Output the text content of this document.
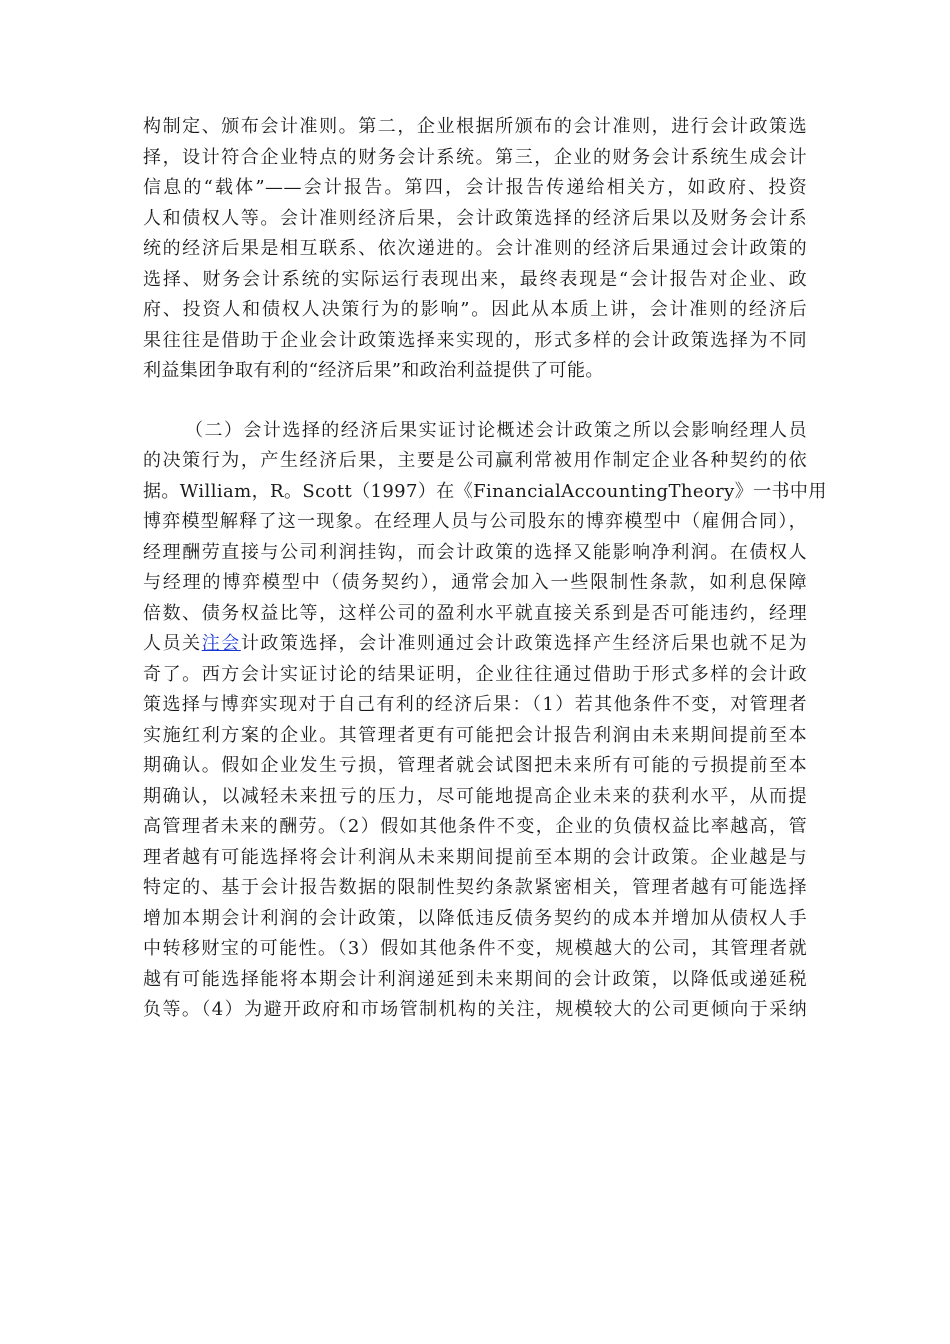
构制定、颁布会计准则。第二，企业根据所颁布的会计准则，进行会计政策选
择，设计符合企业特点的财务会计系统。第三，企业的财务会计系统生成会计
信息的“载体”——会计报告。第四，会计报告传递给相关方，如政府、投资
人和债权人等。会计准则经济后果，会计政策选择的经济后果以及财务会计系
统的经济后果是相互联系、依次递进的。会计准则的经济后果通过会计政策的
选择、财务会计系统的实际运行表现出来，最终表现是“会计报告对企业、政
府、投资人和债权人决策行为的影响”。因此从本质上讲，会计准则的经济后
果往往是借助于企业会计政策选择来实现的，形式多样的会计政策选择为不同
利益集团争取有利的“经济后果”和政治利益提供了可能。
（二）会计选择的经济后果实证讨论概述会计政策之所以会影响经理人员
的决策行为，产生经济后果，主要是公司赢利常被用作制定企业各种契约的依
据。William，R。Scott（1997）在《FinancialAccountingTheory》一书中用
博弈模型解释了这一现象。在经理人员与公司股东的博弈模型中（雇佣合同），
经理酬劳直接与公司利润挂钩，而会计政策的选择又能影响净利润。在债权人
与经理的博弈模型中（债务契约），通常会加入一些限制性条款，如利息保障
倍数、债务权益比等，这样公司的盈利水平就直接关系到是否可能违约，经理
人员关注会计政策选择，会计准则通过会计政策选择产生经济后果也就不足为
奇了。西方会计实证讨论的结果证明，企业往往通过借助于形式多样的会计政
策选择与博弈实现对于自己有利的经济后果：（1）若其他条件不变，对管理者
实施红利方案的企业。其管理者更有可能把会计报告利润由未来期间提前至本
期确认。假如企业发生亏损，管理者就会试图把未来所有可能的亏损提前至本
期确认，以减轻未来扭亏的压力，尽可能地提高企业未来的获利水平，从而提
高管理者未来的酬劳。（2）假如其他条件不变，企业的负债权益比率越高，管
理者越有可能选择将会计利润从未来期间提前至本期的会计政策。企业越是与
特定的、基于会计报告数据的限制性契约条款紧密相关，管理者越有可能选择
增加本期会计利润的会计政策，以降低违反债务契约的成本并增加从债权人手
中转移财宝的可能性。（3）假如其他条件不变，规模越大的公司，其管理者就
越有可能选择能将本期会计利润递延到未来期间的会计政策，以降低或递延税
负等。（4）为避开政府和市场管制机构的关注，规模较大的公司更倾向于采纳
